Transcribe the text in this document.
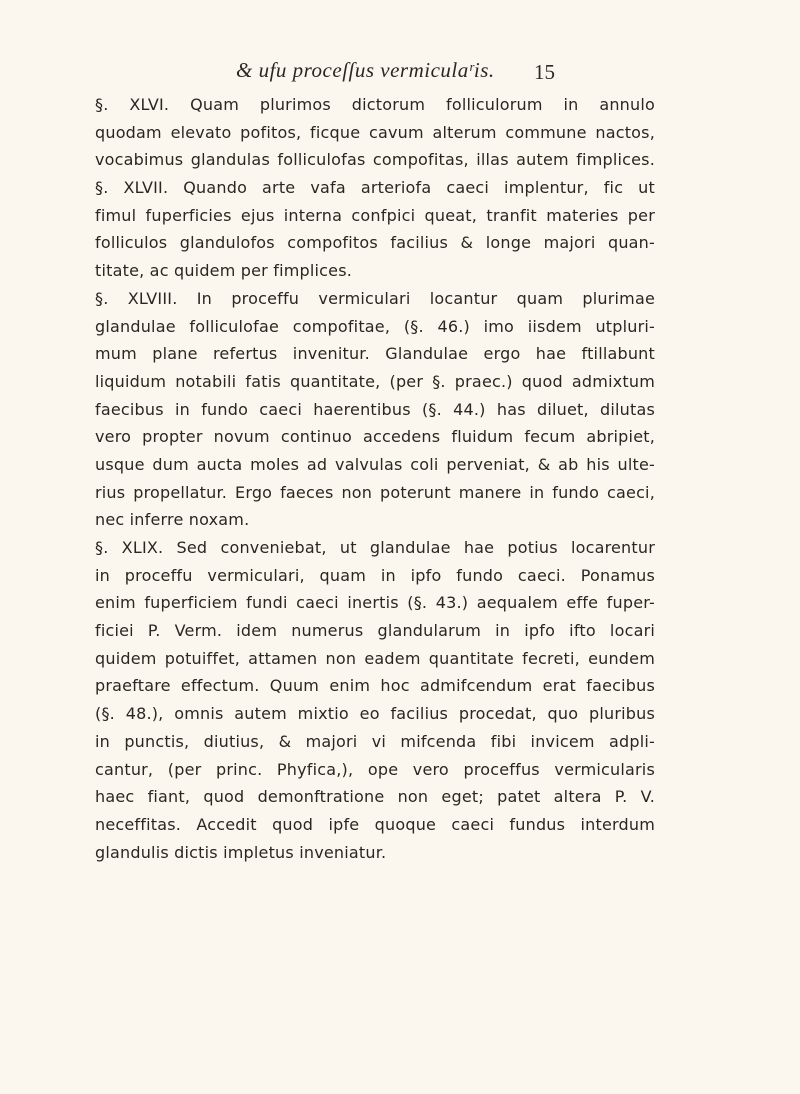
& ufu proceſſus vermiculaʳis.	15
§. XLVI. Quam plurimos dictorum folliculorum in annulo
quodam elevato pofitos, ficque cavum alterum commune nactos,
vocabimus glandulas folliculofas compofitas, illas autem fimplices.
§. XLVII. Quando arte vafa arteriofa caeci implentur, fic ut
fimul fuperficies ejus interna confpici queat, tranfit materies per
folliculos glandulofos compofitos facilius & longe majori quan-
titate, ac quidem per fimplices.
§. XLVIII. In proceffu vermiculari locantur quam plurimae
glandulae folliculofae compofitae, (§. 46.) imo iisdem utpluri-
mum plane refertus invenitur. Glandulae ergo hae ftillabunt
liquidum notabili fatis quantitate, (per §. praec.) quod admixtum
faecibus in fundo caeci haerentibus (§. 44.) has diluet, dilutas
vero propter novum continuo accedens fluidum fecum abripiet,
usque dum aucta moles ad valvulas coli perveniat, & ab his ulte-
rius propellatur. Ergo faeces non poterunt manere in fundo caeci,
nec inferre noxam.
§. XLIX. Sed conveniebat, ut glandulae hae potius locarentur
in proceffu vermiculari, quam in ipfo fundo caeci. Ponamus
enim fuperficiem fundi caeci inertis (§. 43.) aequalem effe fuper-
ficiei P. Verm. idem numerus glandularum in ipfo ifto locari
quidem potuiffet, attamen non eadem quantitate fecreti, eundem
praeftare effectum. Quum enim hoc admifcendum erat faecibus
(§. 48.), omnis autem mixtio eo facilius procedat, quo pluribus
in punctis, diutius, & majori vi mifcenda fibi invicem adpli-
cantur, (per princ. Phyfica,), ope vero proceffus vermicularis
haec fiant, quod demonftratione non eget; patet altera P. V.
neceffitas. Accedit quod ipfe quoque caeci fundus interdum
glandulis dictis impletus inveniatur.
